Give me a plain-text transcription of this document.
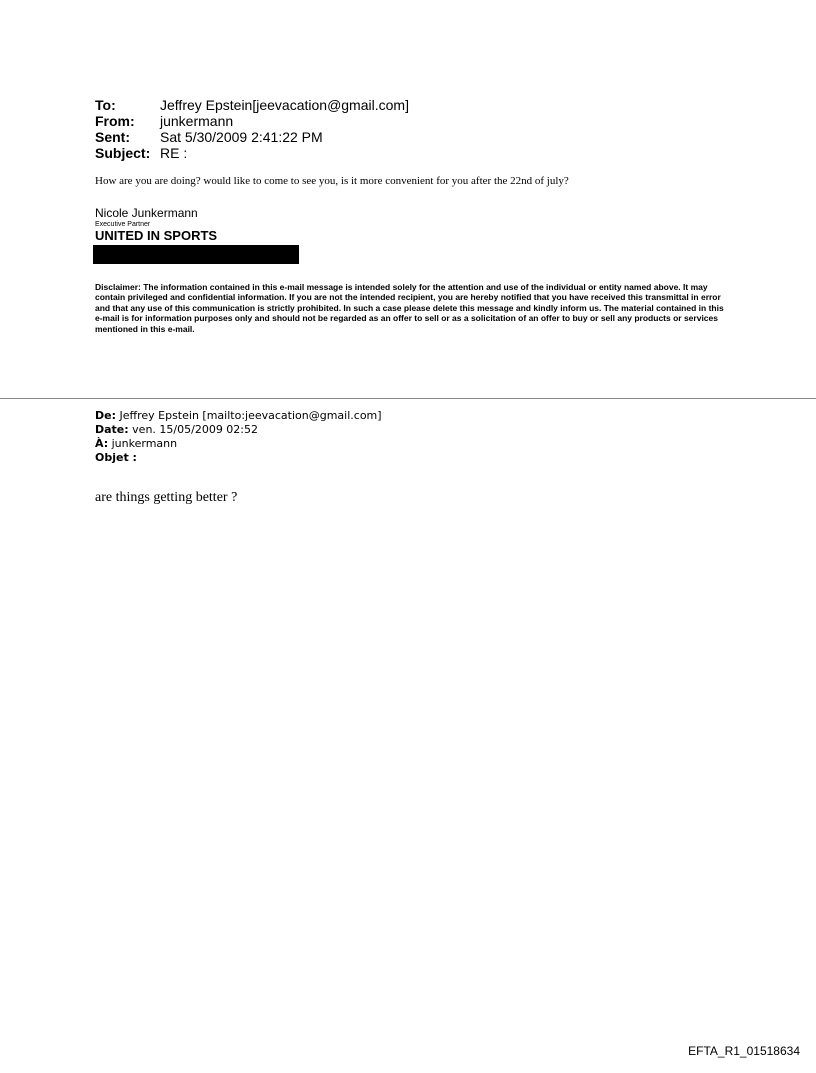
To:	Jeffrey Epstein[jeevacation@gmail.com]
From:	junkermann
Sent:	Sat 5/30/2009 2:41:22 PM
Subject: RE :
How are you are doing? would like to come to see you, is it more convenient for you after the 22nd of july?
Nicole Junkermann
Executive Partner
UNITED IN SPORTS
Disclaimer: The information contained in this e-mail message is intended solely for the attention and use of the individual or entity named above. It may contain privileged and confidential information. If you are not the intended recipient, you are hereby notified that you have received this transmittal in error and that any use of this communication is strictly prohibited. In such a case please delete this message and kindly inform us. The material contained in this e-mail is for information purposes only and should not be regarded as an offer to sell or as a solicitation of an offer to buy or sell any products or services mentioned in this e-mail.
De: Jeffrey Epstein [mailto:jeevacation@gmail.com]
Date: ven. 15/05/2009 02:52
À: junkermann
Objet :
are things getting better ?
EFTA_R1_01518634
